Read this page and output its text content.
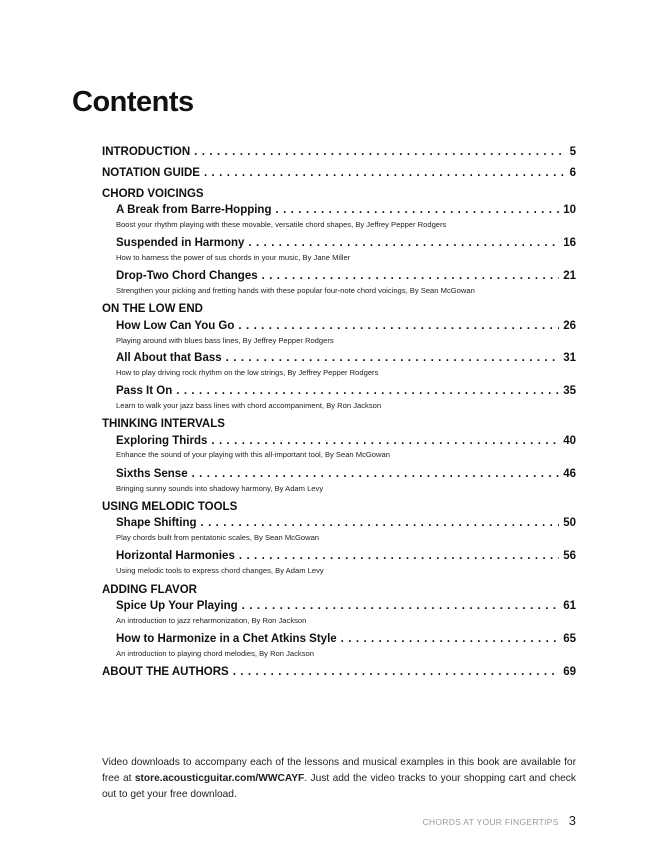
Contents
INTRODUCTION . . .	5
NOTATION GUIDE . . .	6
CHORD VOICINGS
A Break from Barre-Hopping . . .	10
Boost your rhythm playing with these movable, versatile chord shapes, By Jeffrey Pepper Rodgers
Suspended in Harmony . . .	16
How to harness the power of sus chords in your music, By Jane Miller
Drop-Two Chord Changes . . .	21
Strengthen your picking and fretting hands with these popular four-note chord voicings, By Sean McGowan
ON THE LOW END
How Low Can You Go . . .	26
Playing around with blues bass lines, By Jeffrey Pepper Rodgers
All About that Bass . . .	31
How to play driving rock rhythm on the low strings, By Jeffrey Pepper Rodgers
Pass It On . . .	35
Learn to walk your jazz bass lines with chord accompaniment, By Ron Jackson
THINKING INTERVALS
Exploring Thirds . . .	40
Enhance the sound of your playing with this all-important tool, By Sean McGowan
Sixths Sense . . .	46
Bringing sunny sounds into shadowy harmony, By Adam Levy
USING MELODIC TOOLS
Shape Shifting . . .	50
Play chords built from pentatonic scales, By Sean McGowan
Horizontal Harmonies . . .	56
Using melodic tools to express chord changes, By Adam Levy
ADDING FLAVOR
Spice Up Your Playing . . .	61
An introduction to jazz reharmonization, By Ron Jackson
How to Harmonize in a Chet Atkins Style . . .	65
An introduction to playing chord melodies, By Ron Jackson
ABOUT THE AUTHORS . . .	69
Video downloads to accompany each of the lessons and musical examples in this book are available for free at store.acousticguitar.com/WWCAYF. Just add the video tracks to your shopping cart and check out to get your free download.
CHORDS AT YOUR FINGERTIPS 3
